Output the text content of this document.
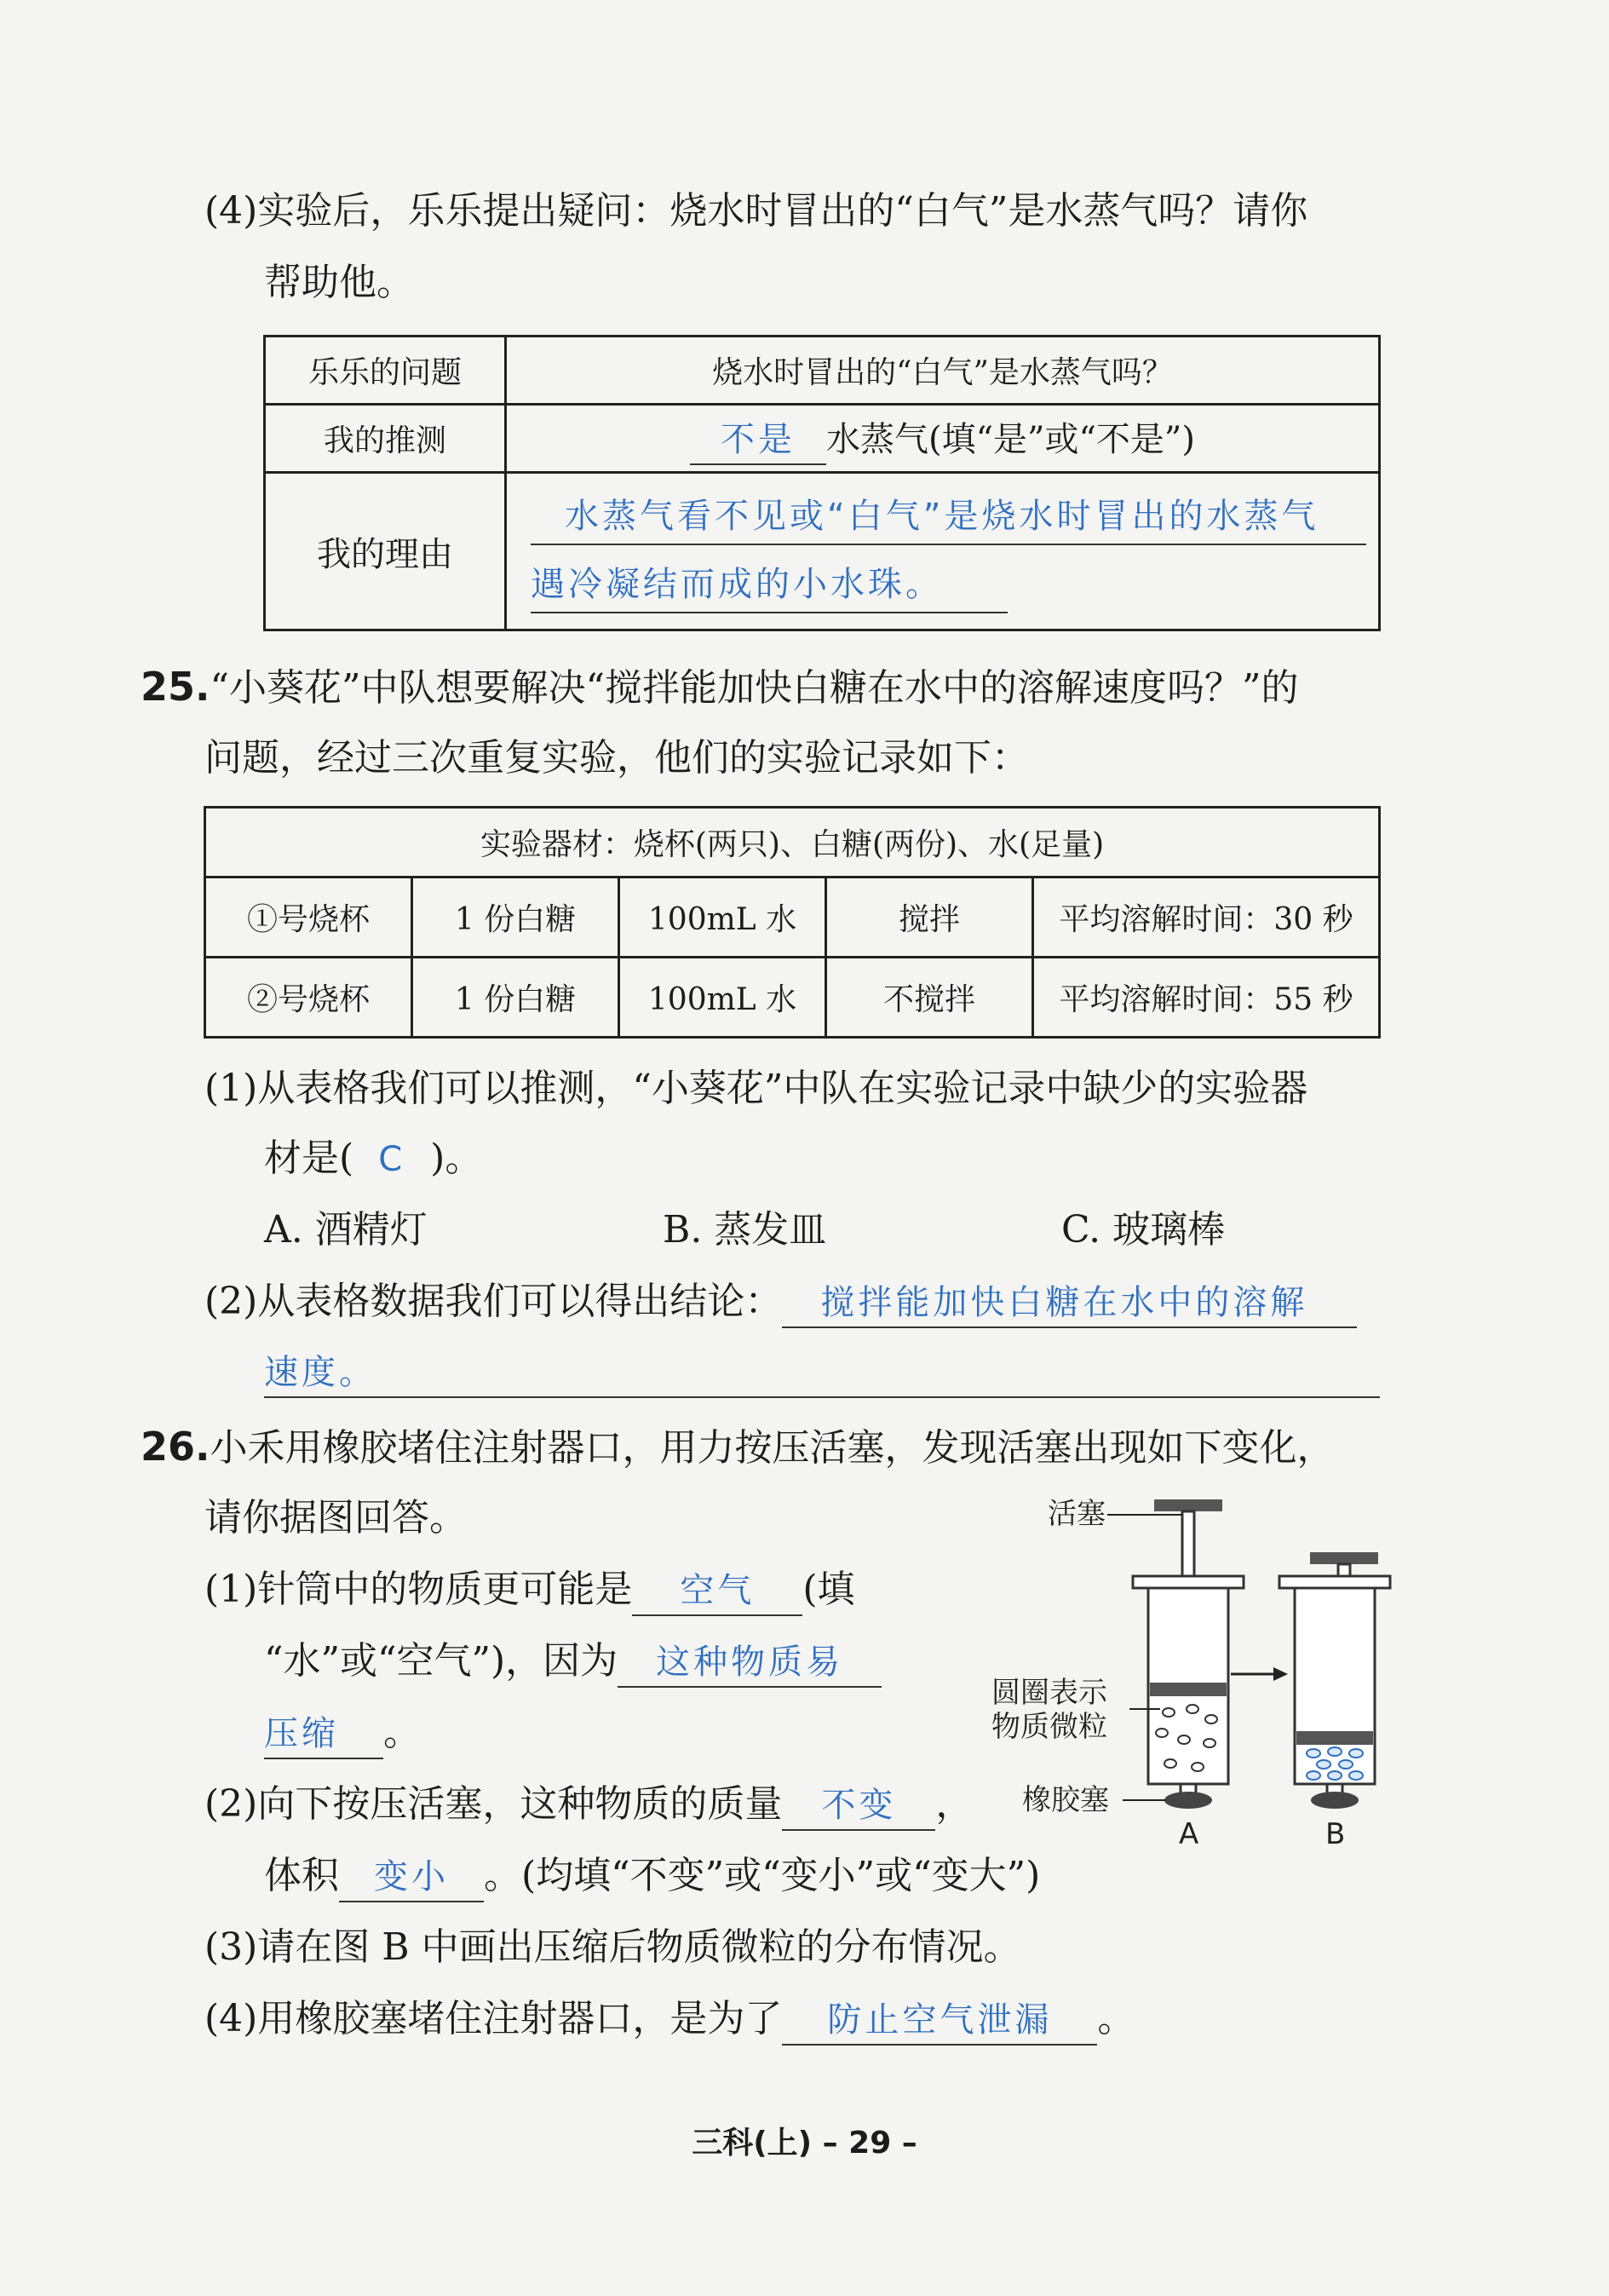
(4)实验后，乐乐提出疑问：烧水时冒出的“白气”是水蒸气吗？请你
帮助他。
乐乐的问题	烧水时冒出的“白气”是水蒸气吗？
我的推测	不是 水蒸气(填“是”或“不是”)
我的理由	水蒸气看不见或“白气”是烧水时冒出的水蒸气
遇冷凝结而成的小水珠。
25.“小葵花”中队想要解决“搅拌能加快白糖在水中的溶解速度吗？”的
问题，经过三次重复实验，他们的实验记录如下：
实验器材：烧杯(两只)、白糖(两份)、水(足量)				
①号烧杯	1 份白糖	100mL 水	搅拌	平均溶解时间：30 秒
②号烧杯	1 份白糖	100mL 水	不搅拌	平均溶解时间：55 秒
(1)从表格我们可以推测，“小葵花”中队在实验记录中缺少的实验器
材是( C )。
A. 酒精灯	B. 蒸发皿	C. 玻璃棒
(2)从表格数据我们可以得出结论： 搅拌能加快白糖在水中的溶解
速度。
26.小禾用橡胶堵住注射器口，用力按压活塞，发现活塞出现如下变化，
请你据图回答。
(1)针筒中的物质更可能是 空气 (填
“水”或“空气”)，因为 这种物质易
压缩 。
(2)向下按压活塞，这种物质的质量 不变 ，
体积 变小 。(均填“不变”或“变小”或“变大”)
(3)请在图 B 中画出压缩后物质微粒的分布情况。
(4)用橡胶塞堵住注射器口，是为了 防止空气泄漏 。
活塞
圆圈表示
物质微粒
橡胶塞
A	B
三科(上) – 29 –
